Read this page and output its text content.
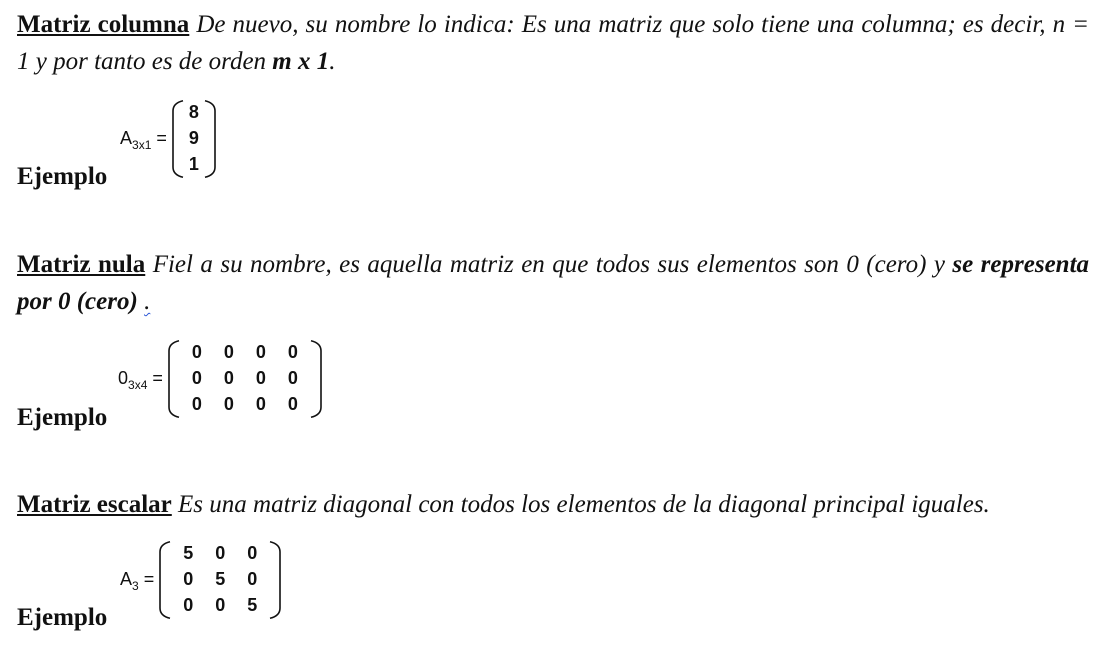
Matriz columna De nuevo, su nombre lo indica: Es una matriz que solo tiene una columna; es decir, n = 1 y por tanto es de orden m x 1.
A 3x1 =
8
9
1
Ejemplo
Matriz nula Fiel a su nombre, es aquella matriz en que todos sus elementos son 0 (cero) y se representa por 0 (cero) .
0 3x4 =
0	0	0	0
0	0	0	0
0	0	0	0
Ejemplo
Matriz escalar Es una matriz diagonal con todos los elementos de la diagonal principal iguales.
A 3 =
5	0	0
0	5	0
0	0	5
Ejemplo
